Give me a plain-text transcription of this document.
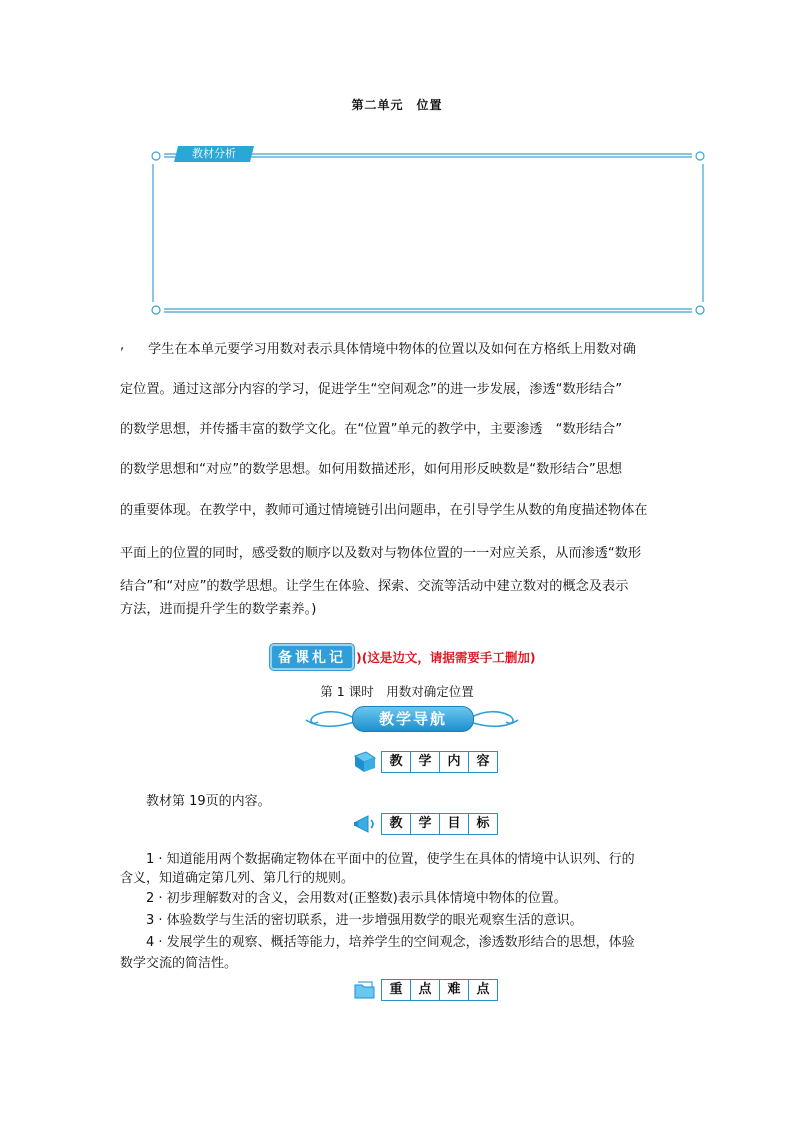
第二单元　位置
教材分析
, 学生在本单元要学习用数对表示具体情境中物体的位置以及如何在方格纸上用数对确
定位置。通过这部分内容的学习，促进学生“空间观念”的进一步发展，渗透“数形结合”
的数学思想，并传播丰富的数学文化。在“位置”单元的教学中，主要渗透　“数形结合”
的数学思想和“对应”的数学思想。如何用数描述形，如何用形反映数是“数形结合”思想
的重要体现。在教学中，教师可通过情境链引出问题串，在引导学生从数的角度描述物体在
平面上的位置的同时，感受数的顺序以及数对与物体位置的一一对应关系，从而渗透“数形
结合”和“对应”的数学思想。让学生在体验、探索、交流等活动中建立数对的概念及表示
方法，进而提升学生的数学素养。)
备课札记 )(这是边文，请据需要手工删加)
第 1 课时　用数对确定位置
教学导航
教	学	内	容
教材第 19页的内容。
教	学	目	标
1 · 知道能用两个数据确定物体在平面中的位置，使学生在具体的情境中认识列、行的
含义，知道确定第几列、第几行的规则。
2 · 初步理解数对的含义，会用数对(正整数)表示具体情境中物体的位置。
3 · 体验数学与生活的密切联系，进一步增强用数学的眼光观察生活的意识。
4 · 发展学生的观察、概括等能力，培养学生的空间观念，渗透数形结合的思想，体验
数学交流的简洁性。
重	点	难	点
